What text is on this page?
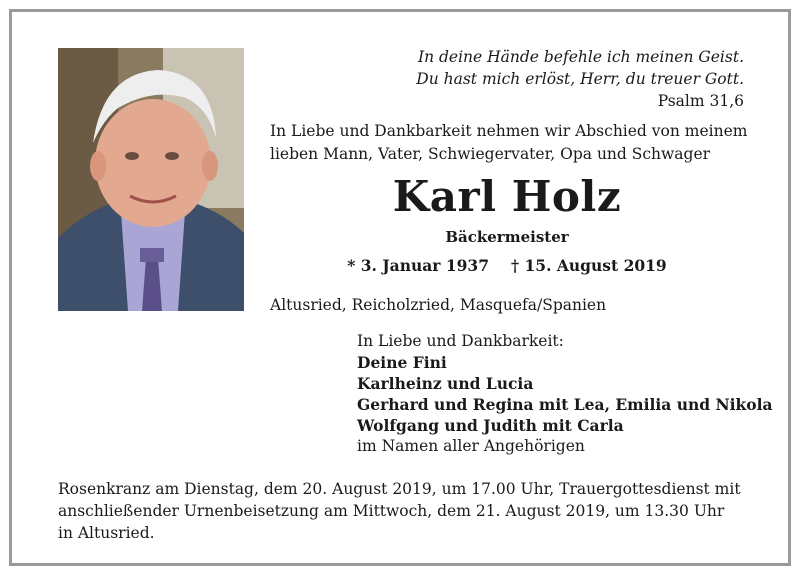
In deine Hände befehle ich meinen Geist.
Du hast mich erlöst, Herr, du treuer Gott.
Psalm 31,6
In Liebe und Dankbarkeit nehmen wir Abschied von meinem
lieben Mann, Vater, Schwiegervater, Opa und Schwager
Karl Holz
Bäckermeister
* 3. Januar 1937 † 15. August 2019
Altusried, Reicholzried, Masquefa/Spanien
In Liebe und Dankbarkeit:
Deine Fini
Karlheinz und Lucia
Gerhard und Regina mit Lea, Emilia und Nikola
Wolfgang und Judith mit Carla
im Namen aller Angehörigen
Rosenkranz am Dienstag, dem 20. August 2019, um 17.00 Uhr, Trauergottesdienst mit
anschließender Urnenbeisetzung am Mittwoch, dem 21. August 2019, um 13.30 Uhr
in Altusried.
